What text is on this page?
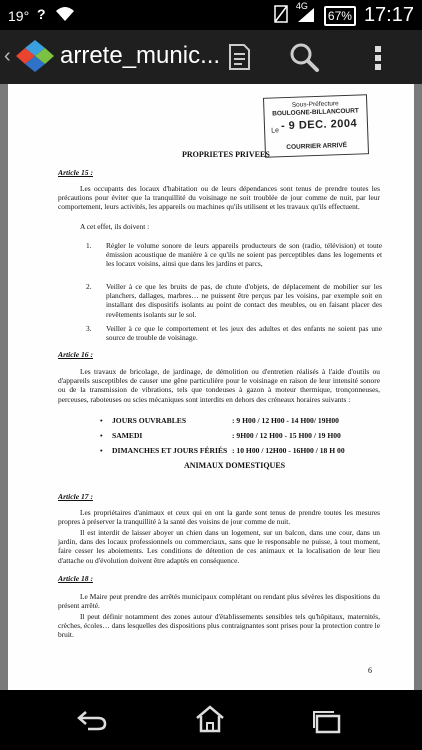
19° ?	4G
67% 17:17
‹ arrete_munic...
Sous-Préfecture
BOULOGNE-BILLANCOURT
Le - 9 DEC. 2004
COURRIER ARRIVÉ
PROPRIETES PRIVEES
Article 15 :
Les occupants des locaux d'habitation ou de leurs dépendances sont tenus de prendre toutes les précautions pour éviter que la tranquillité du voisinage ne soit troublée de jour comme de nuit, par leur comportement, leurs activités, les appareils ou machines qu'ils utilisent et les travaux qu'ils effectuent.
A cet effet, ils doivent :
1. Régler le volume sonore de leurs appareils producteurs de son (radio, télévision) et toute émission acoustique de manière à ce qu'ils ne soient pas perceptibles dans les logements et les locaux voisins, ainsi que dans les jardins et parcs,
2. Veiller à ce que les bruits de pas, de chute d'objets, de déplacement de mobilier sur les planchers, dallages, marbres… ne puissent être perçus par les voisins, par exemple soit en installant des dispositifs isolants au point de contact des meubles, ou en faisant placer des revêtements isolants sur le sol.
3. Veiller à ce que le comportement et les jeux des adultes et des enfants ne soient pas une source de trouble de voisinage.
Article 16 :
Les travaux de bricolage, de jardinage, de démolition ou d'entretien réalisés à l'aide d'outils ou d'appareils susceptibles de causer une gêne particulière pour le voisinage en raison de leur intensité sonore ou de la transmission de vibrations, tels que tondeuses à gazon à moteur thermique, tronçonneuses, perceuses, raboteuses ou scies mécaniques sont interdits en dehors des créneaux horaires suivants :
• JOURS OUVRABLES	: 9 H00 / 12 H00 - 14 H00/ 19H00
• SAMEDI	: 9H00 / 12 H00 - 15 H00 / 19 H00
• DIMANCHES ET JOURS FÉRIÉS : 10 H00 / 12H00 - 16H00 / 18 H 00
ANIMAUX DOMESTIQUES
Article 17 :
Les propriétaires d'animaux et ceux qui en ont la garde sont tenus de prendre toutes les mesures propres à préserver la tranquillité à la santé des voisins de jour comme de nuit.
Il est interdit de laisser aboyer un chien dans un logement, sur un balcon, dans une cour, dans un jardin, dans des locaux professionnels ou commerciaux, sans que le responsable ne puisse, à tout moment, faire cesser les aboiements. Les conditions de détention de ces animaux et la localisation de leur lieu d'attache ou d'évolution doivent être adaptés en conséquence.
Article 18 :
Le Maire peut prendre des arrêtés municipaux complétant ou rendant plus sévères les dispositions du présent arrêté.
Il peut définir notamment des zones autour d'établissements sensibles tels qu'hôpitaux, maternités, crèches, écoles… dans lesquelles des dispositions plus contraignantes sont prises pour la protection contre le bruit.
6
